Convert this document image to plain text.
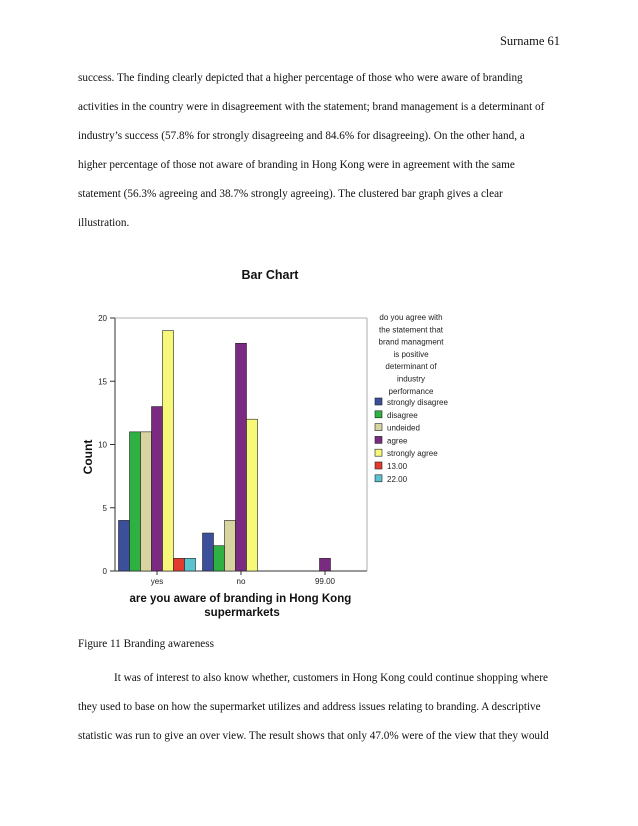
Surname 61
success. The finding clearly depicted that a higher percentage of those who were aware of branding
activities in the country were in disagreement with the statement; brand management is a determinant of
industry’s success (57.8% for strongly disagreeing and 84.6% for disagreeing). On the other hand, a
higher percentage of those not aware of branding in Hong Kong were in agreement with the same
statement (56.3% agreeing and 38.7% strongly agreeing). The clustered bar graph gives a clear
illustration.
Bar Chart
0
5
10
15
20
yes	no	99.00
Count
are you aware of branding in Hong Kong supermarkets
do you agree with the statement that brand managment is positive determinant of industry performance
strongly disagree
disagree
undeided
agree
strongly agree
13.00
22.00
Figure 11 Branding awareness
It was of interest to also know whether, customers in Hong Kong could continue shopping where
they used to base on how the supermarket utilizes and address issues relating to branding. A descriptive
statistic was run to give an over view. The result shows that only 47.0% were of the view that they would
